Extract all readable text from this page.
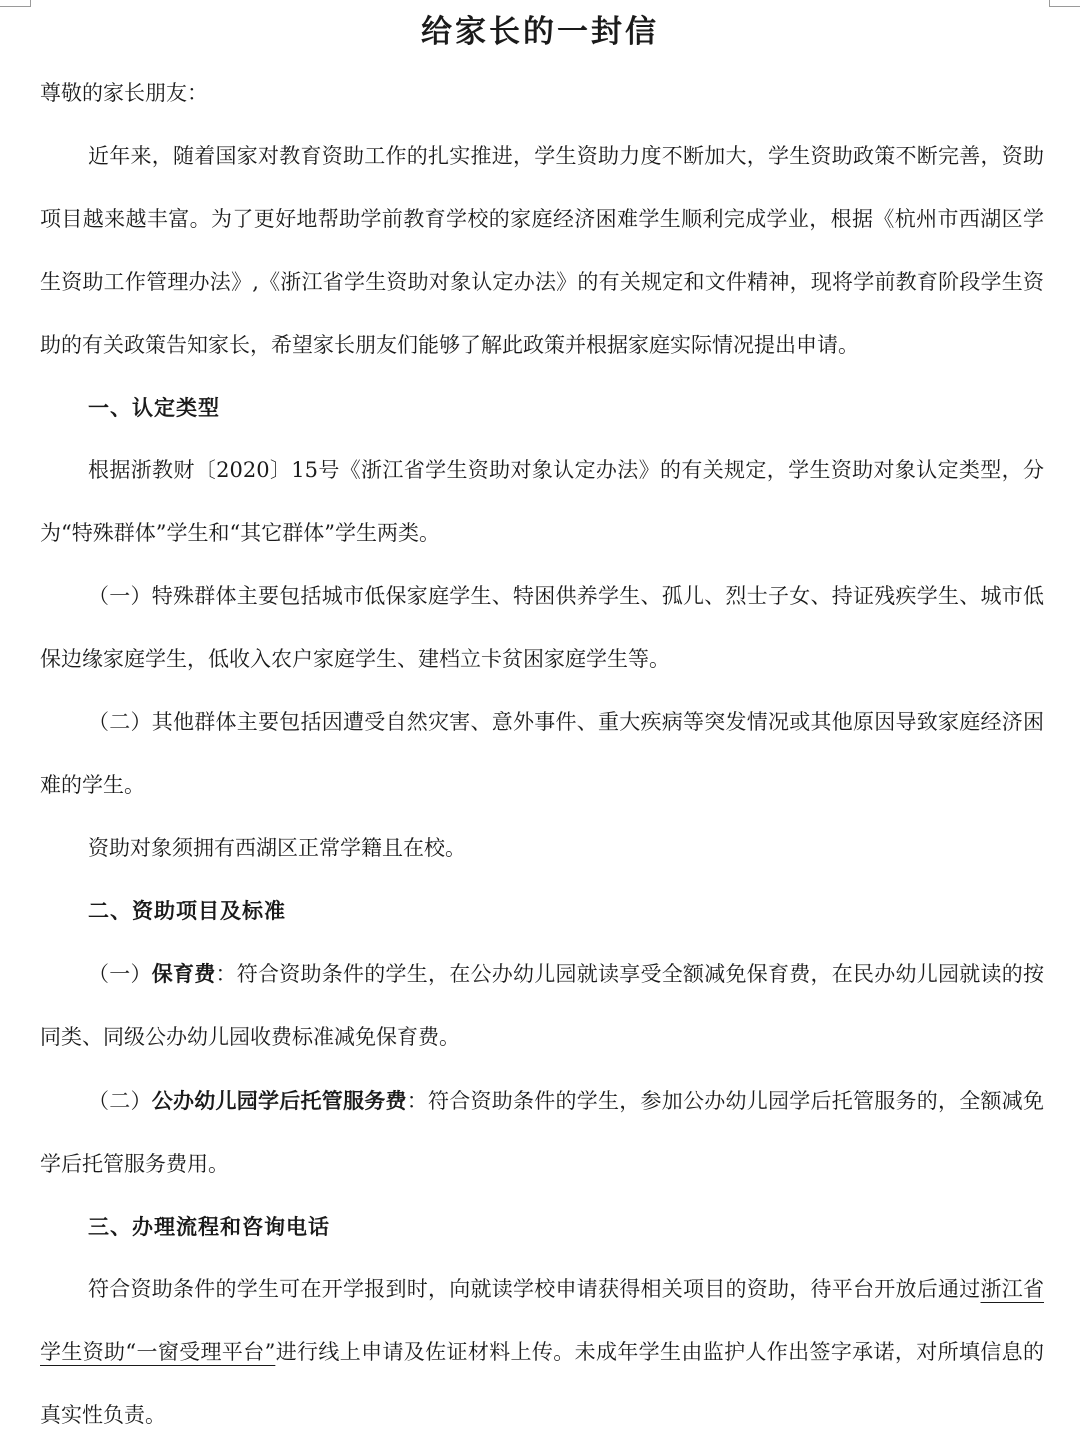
给家长的一封信

尊敬的家长朋友：

近年来，随着国家对教育资助工作的扎实推进，学生资助力度不断加大，学生资助政策不断完善，资助项目越来越丰富。为了更好地帮助学前教育学校的家庭经济困难学生顺利完成学业，根据《杭州市西湖区学生资助工作管理办法》,《浙江省学生资助对象认定办法》的有关规定和文件精神，现将学前教育阶段学生资助的有关政策告知家长，希望家长朋友们能够了解此政策并根据家庭实际情况提出申请。

一、认定类型

根据浙教财〔2020〕15号《浙江省学生资助对象认定办法》的有关规定，学生资助对象认定类型，分为“特殊群体”学生和“其它群体”学生两类。

（一）特殊群体主要包括城市低保家庭学生、特困供养学生、孤儿、烈士子女、持证残疾学生、城市低保边缘家庭学生，低收入农户家庭学生、建档立卡贫困家庭学生等。

（二）其他群体主要包括因遭受自然灾害、意外事件、重大疾病等突发情况或其他原因导致家庭经济困难的学生。

资助对象须拥有西湖区正常学籍且在校。

二、资助项目及标准

（一）保育费：符合资助条件的学生，在公办幼儿园就读享受全额减免保育费，在民办幼儿园就读的按同类、同级公办幼儿园收费标准减免保育费。

（二）公办幼儿园学后托管服务费：符合资助条件的学生，参加公办幼儿园学后托管服务的，全额减免学后托管服务费用。

三、办理流程和咨询电话

符合资助条件的学生可在开学报到时，向就读学校申请获得相关项目的资助，待平台开放后通过浙江省学生资助“一窗受理平台”进行线上申请及佐证材料上传。未成年学生由监护人作出签字承诺，对所填信息的真实性负责。
